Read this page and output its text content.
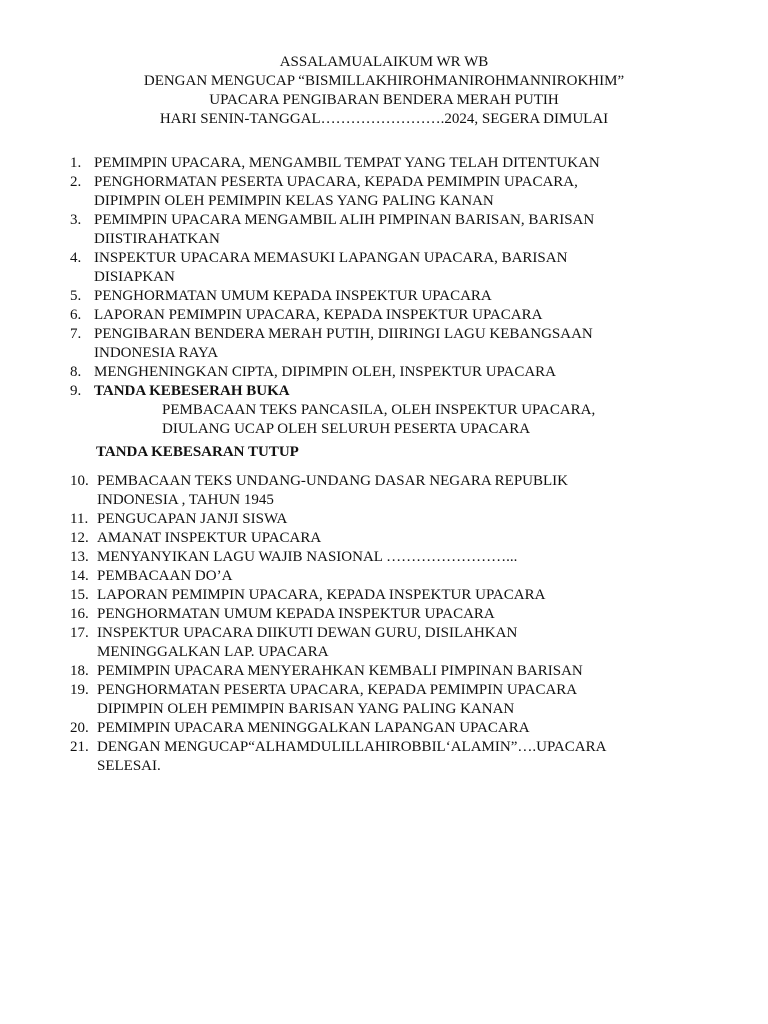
ASSALAMUALAIKUM WR WB
DENGAN MENGUCAP “BISMILLAKHIROHMANIROHMANNIROKHIM”
UPACARA PENGIBARAN BENDERA MERAH PUTIH
HARI SENIN-TANGGAL…………………….2024, SEGERA DIMULAI
1. PEMIMPIN UPACARA, MENGAMBIL TEMPAT YANG TELAH DITENTUKAN
2. PENGHORMATAN PESERTA UPACARA, KEPADA PEMIMPIN UPACARA,
DIPIMPIN OLEH PEMIMPIN KELAS YANG PALING KANAN
3. PEMIMPIN UPACARA MENGAMBIL ALIH PIMPINAN BARISAN, BARISAN
DIISTIRAHATKAN
4. INSPEKTUR UPACARA MEMASUKI LAPANGAN UPACARA, BARISAN
DISIAPKAN
5. PENGHORMATAN UMUM KEPADA INSPEKTUR UPACARA
6. LAPORAN PEMIMPIN UPACARA, KEPADA INSPEKTUR UPACARA
7. PENGIBARAN BENDERA MERAH PUTIH, DIIRINGI LAGU KEBANGSAAN
INDONESIA RAYA
8. MENGHENINGKAN CIPTA, DIPIMPIN OLEH, INSPEKTUR UPACARA
9. TANDA KEBESERAH BUKA
PEMBACAAN TEKS PANCASILA, OLEH INSPEKTUR UPACARA,
DIULANG UCAP OLEH SELURUH PESERTA UPACARA
TANDA KEBESARAN TUTUP
10. PEMBACAAN TEKS UNDANG-UNDANG DASAR NEGARA REPUBLIK
INDONESIA , TAHUN 1945
11. PENGUCAPAN JANJI SISWA
12. AMANAT INSPEKTUR UPACARA
13. MENYANYIKAN LAGU WAJIB NASIONAL ……………………...
14. PEMBACAAN DO’A
15. LAPORAN PEMIMPIN UPACARA, KEPADA INSPEKTUR UPACARA
16. PENGHORMATAN UMUM KEPADA INSPEKTUR UPACARA
17. INSPEKTUR UPACARA DIIKUTI DEWAN GURU, DISILAHKAN
MENINGGALKAN LAP. UPACARA
18. PEMIMPIN UPACARA MENYERAHKAN KEMBALI PIMPINAN BARISAN
19. PENGHORMATAN PESERTA UPACARA, KEPADA PEMIMPIN UPACARA
DIPIMPIN OLEH PEMIMPIN BARISAN YANG PALING KANAN
20. PEMIMPIN UPACARA MENINGGALKAN LAPANGAN UPACARA
21. DENGAN MENGUCAP“ALHAMDULILLAHIROBBIL‘ALAMIN”….UPACARA
SELESAI.
